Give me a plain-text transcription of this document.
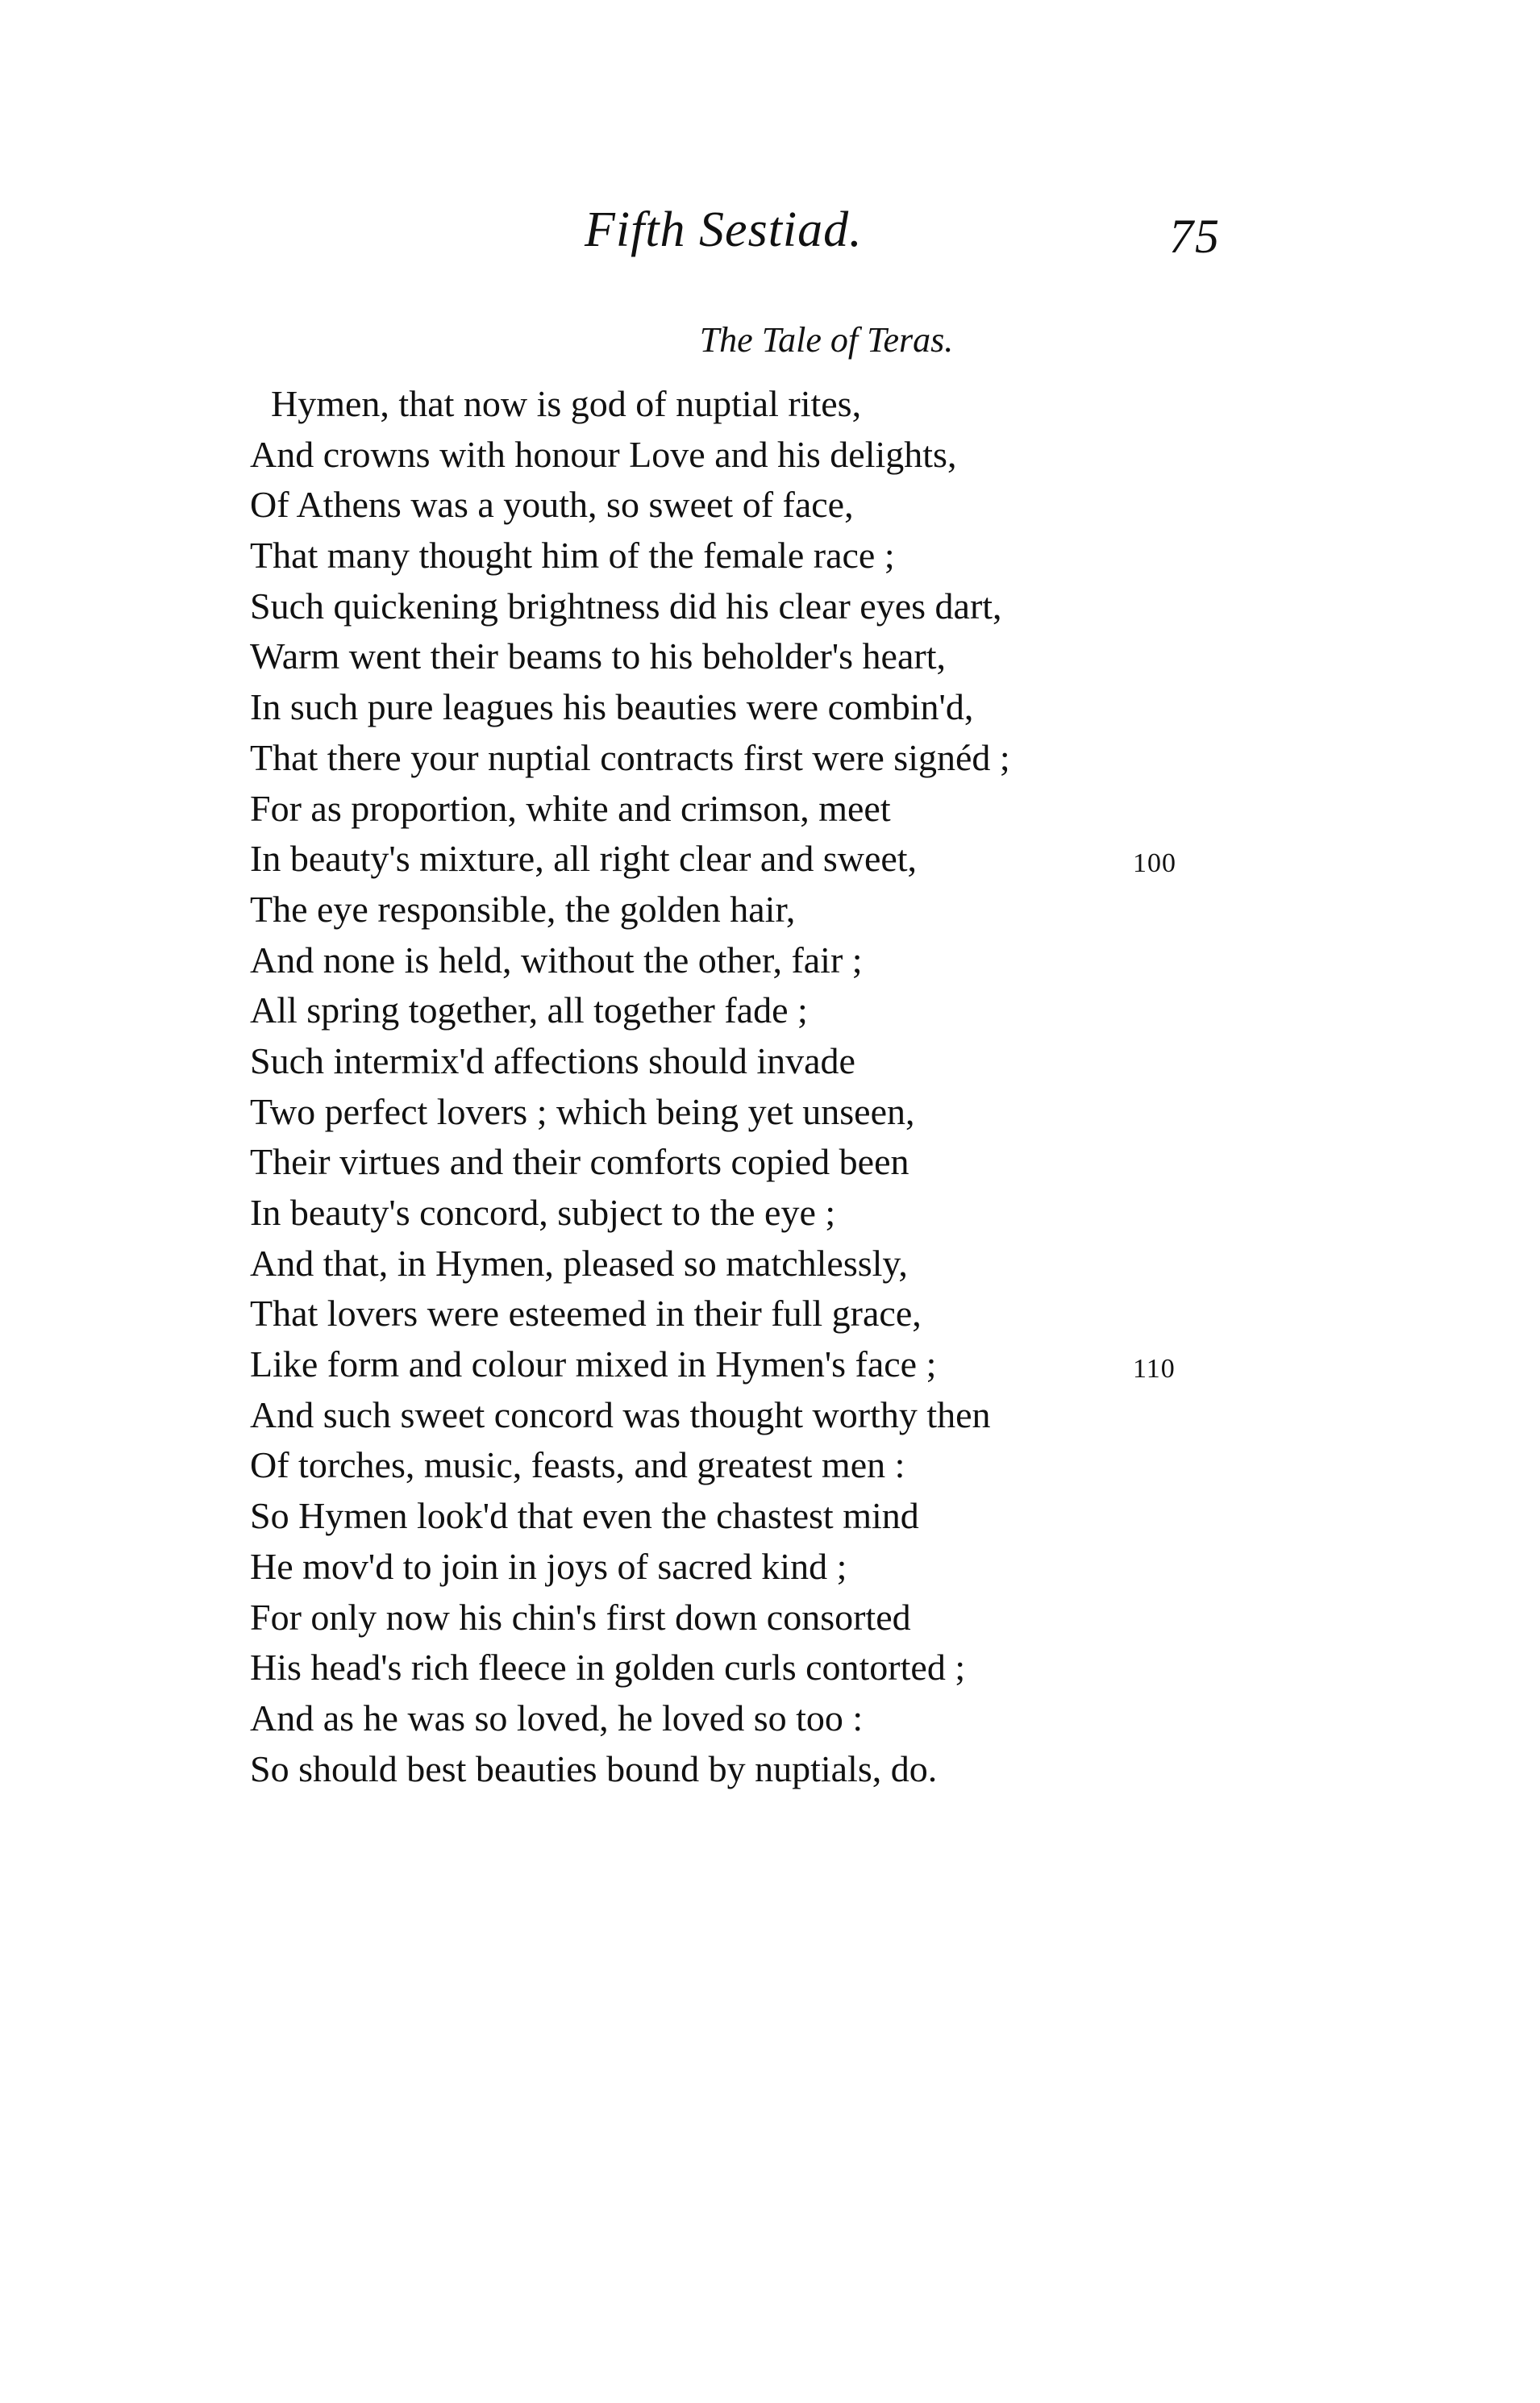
Fifth Sestiad.	75
The Tale of Teras.
Hymen, that now is god of nuptial rites,
And crowns with honour Love and his delights,
Of Athens was a youth, so sweet of face,
That many thought him of the female race ;
Such quickening brightness did his clear eyes dart,
Warm went their beams to his beholder's heart,
In such pure leagues his beauties were combin'd,
That there your nuptial contracts first were signéd ;
For as proportion, white and crimson, meet
In beauty's mixture, all right clear and sweet,	100
The eye responsible, the golden hair,
And none is held, without the other, fair ;
All spring together, all together fade ;
Such intermix'd affections should invade
Two perfect lovers ; which being yet unseen,
Their virtues and their comforts copied been
In beauty's concord, subject to the eye ;
And that, in Hymen, pleased so matchlessly,
That lovers were esteemed in their full grace,
Like form and colour mixed in Hymen's face ;	110
And such sweet concord was thought worthy then
Of torches, music, feasts, and greatest men :
So Hymen look'd that even the chastest mind
He mov'd to join in joys of sacred kind ;
For only now his chin's first down consorted
His head's rich fleece in golden curls contorted ;
And as he was so loved, he loved so too :
So should best beauties bound by nuptials, do.
